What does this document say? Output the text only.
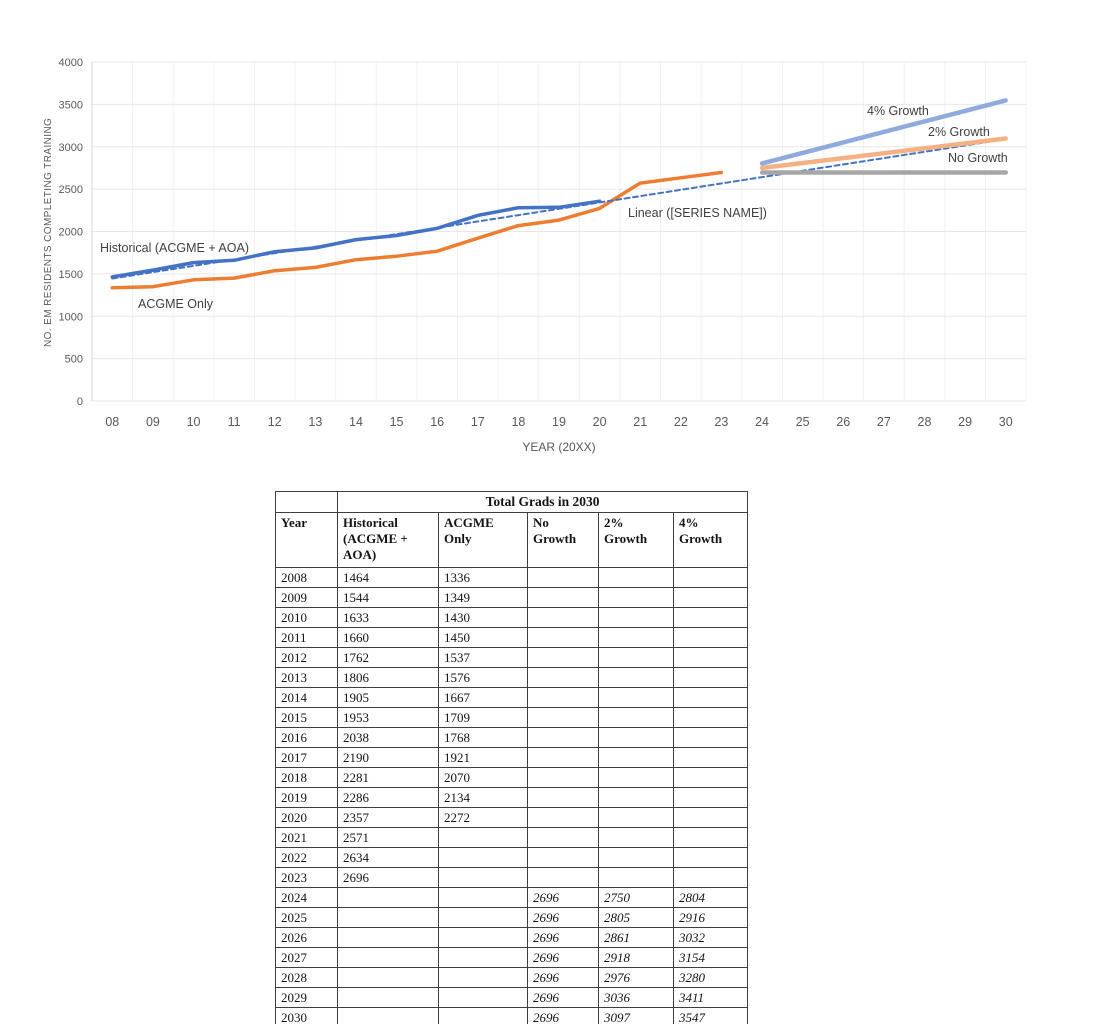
0
500
1000
1500
2000
2500
3000
3500
4000
08 09 10 11 12 13 14 15 16 17 18 19 20 21 22 23 24 25 26 27 28 29 30
Historical (ACGME + AOA)
ACGME Only
Linear ([SERIES NAME])
4% Growth
2% Growth
No Growth
NO. EM RESIDENTS COMPLETING TRAINING
YEAR (20XX)
	Total Grads in 2030				
Year	Historical (ACGME + AOA)	ACGME Only	No Growth	2% Growth	4% Growth
2008	1464	1336			
2009	1544	1349			
2010	1633	1430			
2011	1660	1450			
2012	1762	1537			
2013	1806	1576			
2014	1905	1667			
2015	1953	1709			
2016	2038	1768			
2017	2190	1921			
2018	2281	2070			
2019	2286	2134			
2020	2357	2272			
2021	2571				
2022	2634				
2023	2696				
2024			2696	2750	2804
2025			2696	2805	2916
2026			2696	2861	3032
2027			2696	2918	3154
2028			2696	2976	3280
2029			2696	3036	3411
2030			2696	3097	3547
